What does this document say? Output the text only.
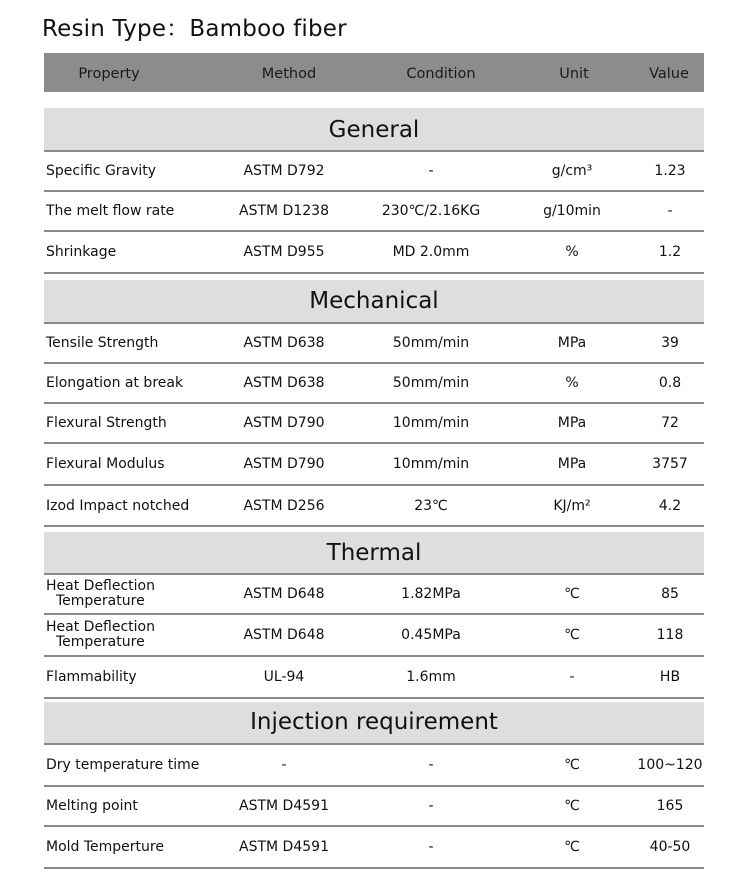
Resin Type：Bamboo fiber
Property	Method	Condition	Unit	Value
General
Specific Gravity	ASTM D792	-	g/cm³	1.23
The melt flow rate	ASTM D1238	230℃/2.16KG	g/10min	-
Shrinkage	ASTM D955	MD 2.0mm	%	1.2
Mechanical
Tensile Strength	ASTM D638	50mm/min	MPa	39
Elongation at break	ASTM D638	50mm/min	%	0.8
Flexural Strength	ASTM D790	10mm/min	MPa	72
Flexural Modulus	ASTM D790	10mm/min	MPa	3757
Izod Impact notched	ASTM D256	23℃	KJ/m²	4.2
Thermal
Heat Deflection
Temperature	ASTM D648	1.82MPa	℃	85
Heat Deflection
Temperature	ASTM D648	0.45MPa	℃	118
Flammability	UL-94	1.6mm	-	HB
Injection requirement
Dry temperature time	-	-	℃	100~120
Melting point	ASTM D4591	-	℃	165
Mold Temperture	ASTM D4591	-	℃	40-50
